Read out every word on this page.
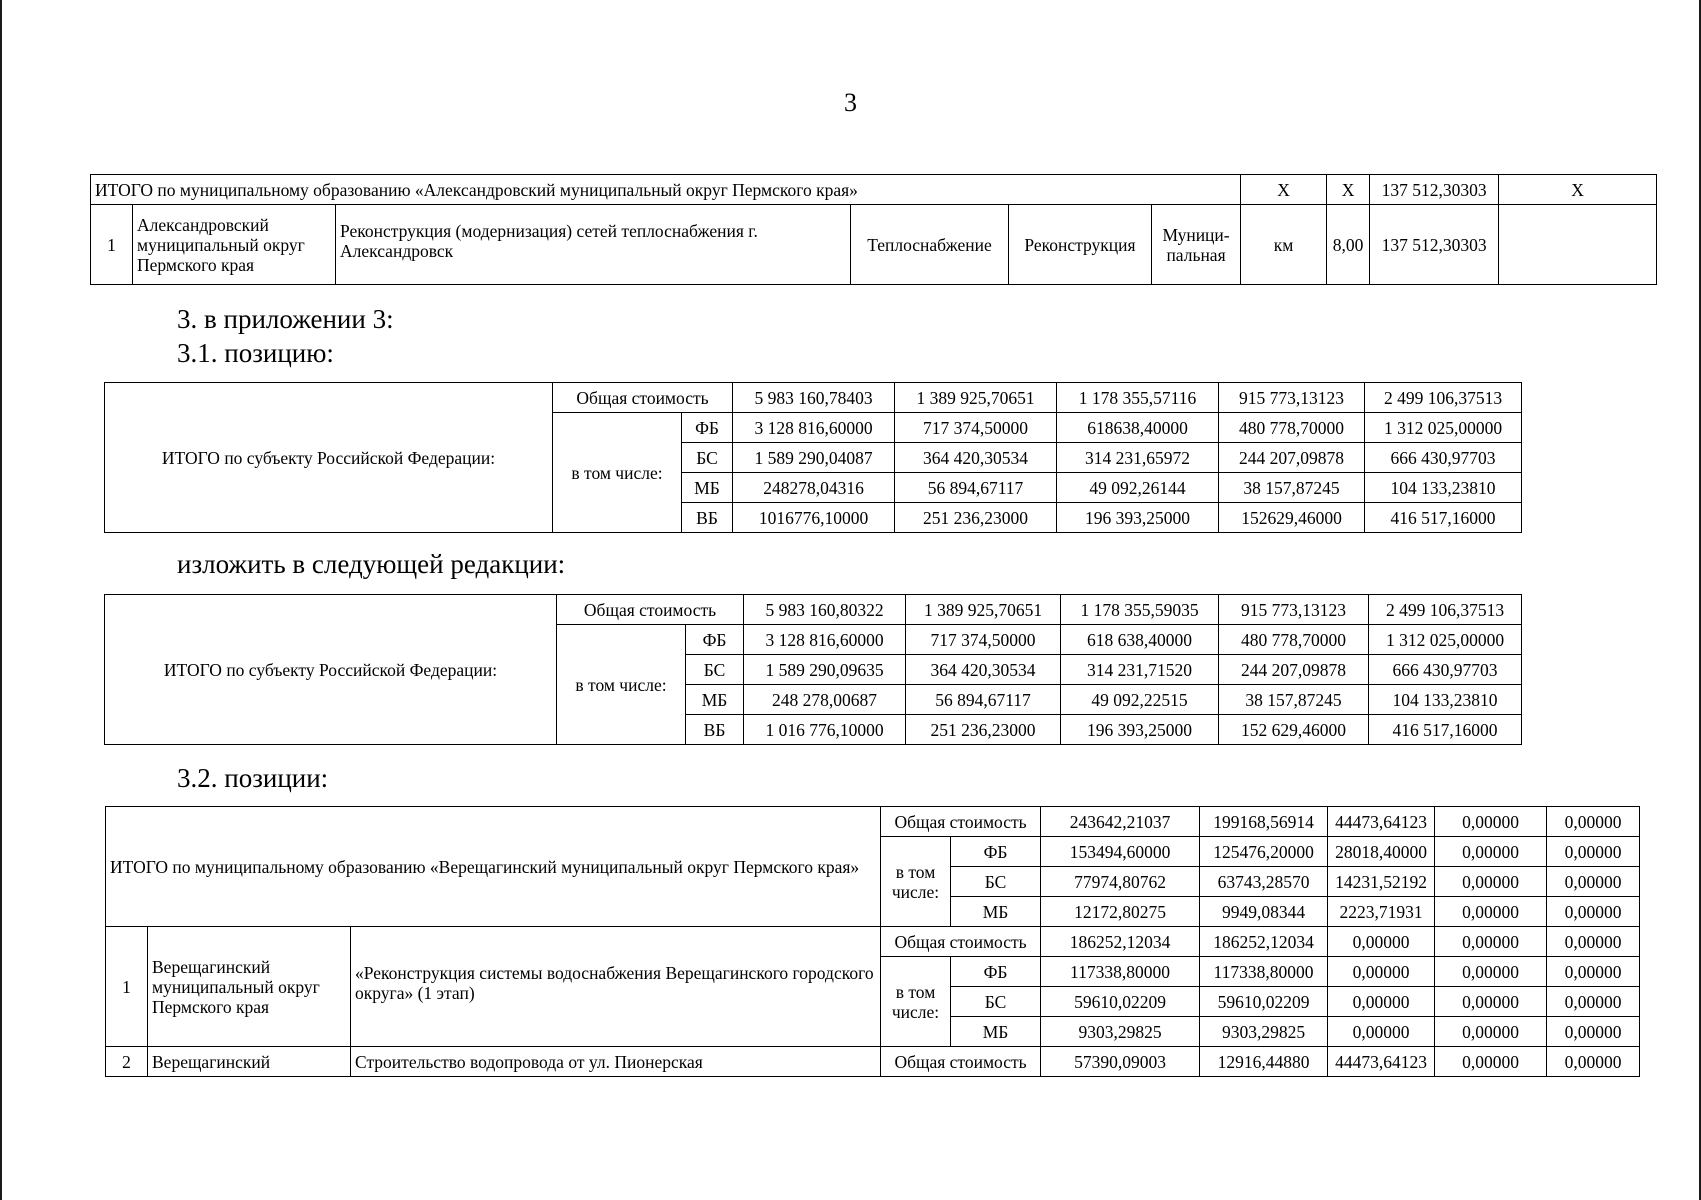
3
ИТОГО по муниципальному образованию «Александровский муниципальный округ Пермского края»						X	X	137 512,30303	X
1	Александровский муниципальный округ Пермского края	Реконструкция (модернизация) сетей теплоснабжения г. Александровск	Теплоснабжение	Реконструкция	Муници-пальная	км	8,00	137 512,30303	
3. в приложении 3:
3.1. позицию:
ИТОГО по субъекту Российской Федерации:	Общая стоимость		5 983 160,78403	1 389 925,70651	1 178 355,57116	915 773,13123	2 499 106,37513
	в том числе:	ФБ	3 128 816,60000	717 374,50000	618638,40000	480 778,70000	1 312 025,00000
		БС	1 589 290,04087	364 420,30534	314 231,65972	244 207,09878	666 430,97703
		МБ	248278,04316	56 894,67117	49 092,26144	38 157,87245	104 133,23810
		ВБ	1016776,10000	251 236,23000	196 393,25000	152629,46000	416 517,16000
изложить в следующей редакции:
ИТОГО по субъекту Российской Федерации:	Общая стоимость		5 983 160,80322	1 389 925,70651	1 178 355,59035	915 773,13123	2 499 106,37513
	в том числе:	ФБ	3 128 816,60000	717 374,50000	618 638,40000	480 778,70000	1 312 025,00000
		БС	1 589 290,09635	364 420,30534	314 231,71520	244 207,09878	666 430,97703
		МБ	248 278,00687	56 894,67117	49 092,22515	38 157,87245	104 133,23810
		ВБ	1 016 776,10000	251 236,23000	196 393,25000	152 629,46000	416 517,16000
3.2. позиции:
ИТОГО по муниципальному образованию «Верещагинский муниципальный округ Пермского края»			Общая стоимость		243642,21037	199168,56914	44473,64123	0,00000	0,00000
			в том числе:	ФБ	153494,60000	125476,20000	28018,40000	0,00000	0,00000
				БС	77974,80762	63743,28570	14231,52192	0,00000	0,00000
				МБ	12172,80275	9949,08344	2223,71931	0,00000	0,00000
1	Верещагинский муниципальный округ Пермского края	«Реконструкция системы водоснабжения Верещагинского городского округа» (1 этап)	Общая стоимость		186252,12034	186252,12034	0,00000	0,00000	0,00000
			в том числе:	ФБ	117338,80000	117338,80000	0,00000	0,00000	0,00000
				БС	59610,02209	59610,02209	0,00000	0,00000	0,00000
				МБ	9303,29825	9303,29825	0,00000	0,00000	0,00000
2	Верещагинский	Строительство водопровода от ул. Пионерская	Общая стоимость		57390,09003	12916,44880	44473,64123	0,00000	0,00000
